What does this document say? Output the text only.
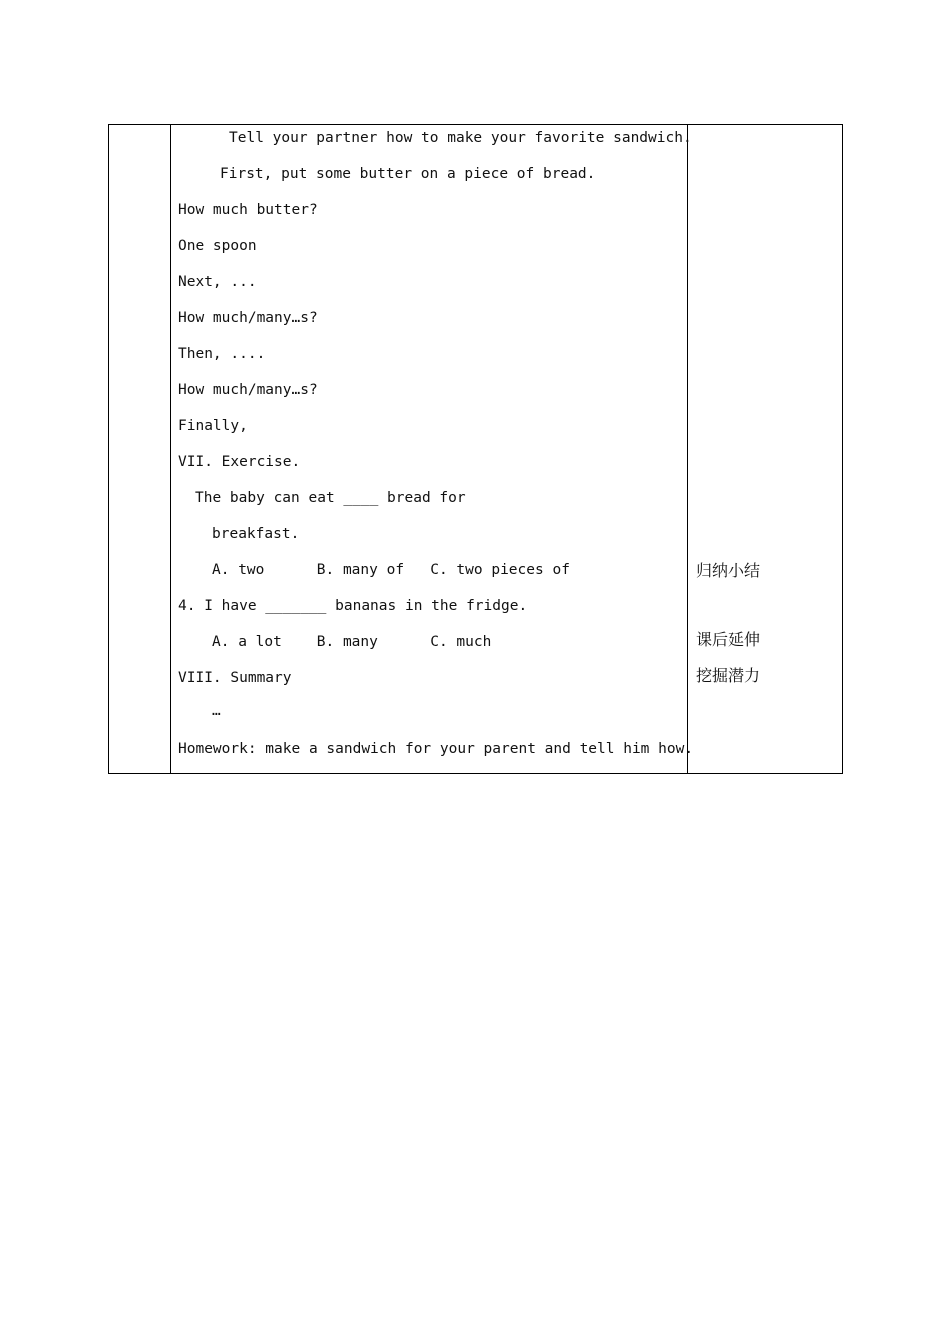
Tell your partner how to make your favorite sandwich.
First, put some butter on a piece of bread.
How much butter?
One spoon
Next, ...
How much/many…s?
Then, ....
How much/many…s?
Finally,
VII. Exercise.
The baby can eat ____ bread for
breakfast.
A. two      B. many of   C. two pieces of
4. I have _______ bananas in the fridge.
A. a lot    B. many      C. much
VIII. Summary
…
Homework: make a sandwich for your parent and tell him how.
归纳小结
课后延伸
挖掘潜力
